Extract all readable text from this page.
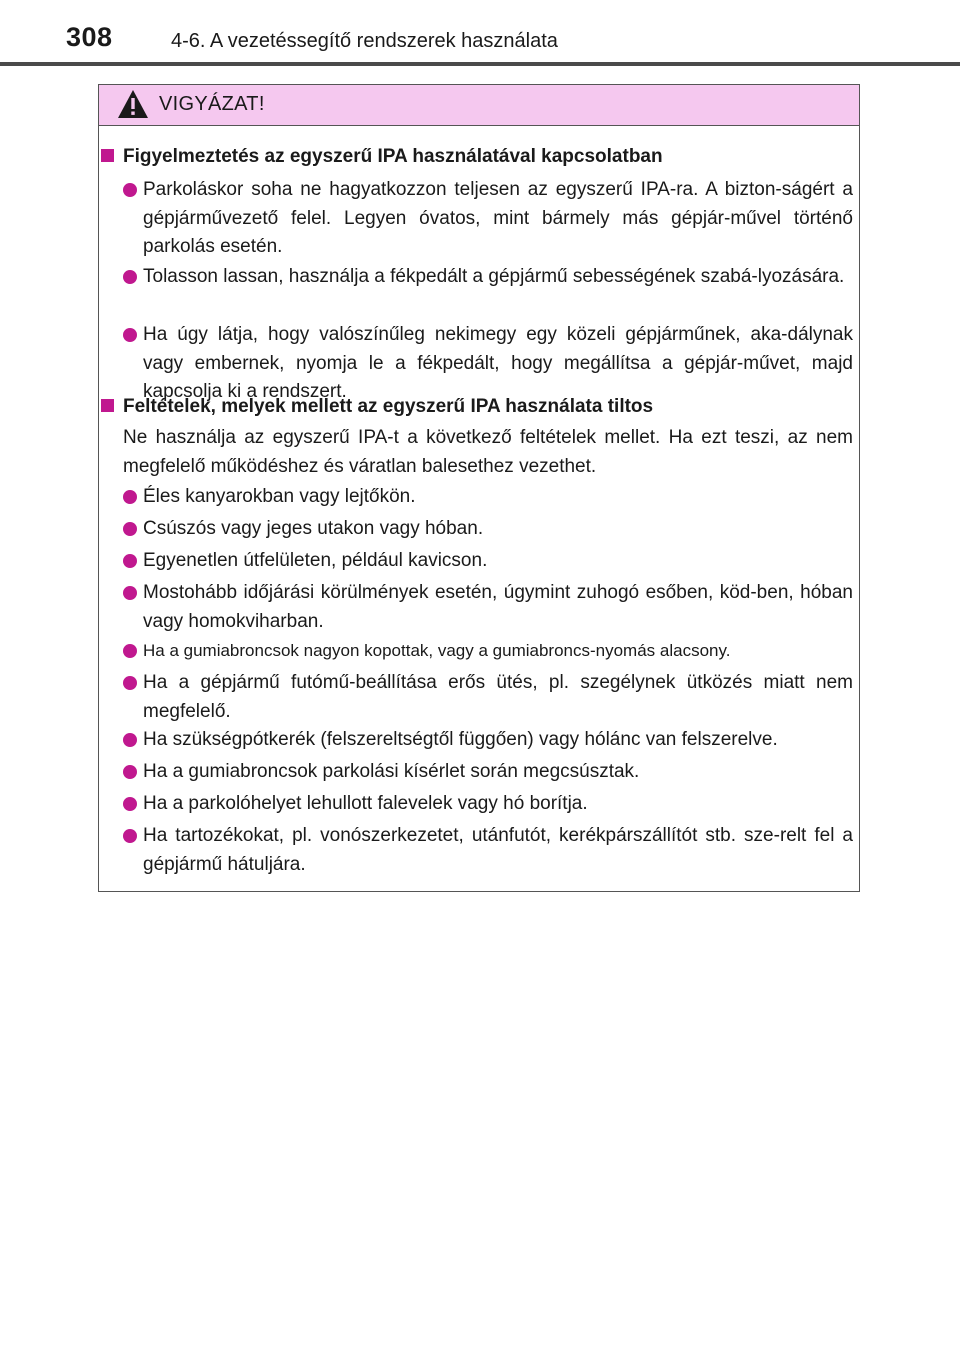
308	4-6. A vezetéssegítő rendszerek használata
VIGYÁZAT!
Figyelmeztetés az egyszerű IPA használatával kapcsolatban
Parkoláskor soha ne hagyatkozzon teljesen az egyszerű IPA-ra. A bizton-ságért a gépjárművezető felel. Legyen óvatos, mint bármely más gépjár-művel történő parkolás esetén.
Tolasson lassan, használja a fékpedált a gépjármű sebességének szabá-lyozására.
Ha úgy látja, hogy valószínűleg nekimegy egy közeli gépjárműnek, aka-dálynak vagy embernek, nyomja le a fékpedált, hogy megállítsa a gépjár-művet, majd kapcsolja ki a rendszert.
Feltételek, melyek mellett az egyszerű IPA használata tiltos
Ne használja az egyszerű IPA-t a következő feltételek mellet. Ha ezt teszi, az nem megfelelő működéshez és váratlan balesethez vezethet.
Éles kanyarokban vagy lejtőkön.
Csúszós vagy jeges utakon vagy hóban.
Egyenetlen útfelületen, például kavicson.
Mostohább időjárási körülmények esetén, úgymint zuhogó esőben, köd-ben, hóban vagy homokviharban.
Ha a gumiabroncsok nagyon kopottak, vagy a gumiabroncs-nyomás alacsony.
Ha a gépjármű futómű-beállítása erős ütés, pl. szegélynek ütközés miatt nem megfelelő.
Ha szükségpótkerék (felszereltségtől függően) vagy hólánc van felszerelve.
Ha a gumiabroncsok parkolási kísérlet során megcsúsztak.
Ha a parkolóhelyet lehullott falevelek vagy hó borítja.
Ha tartozékokat, pl. vonószerkezetet, utánfutót, kerékpárszállítót stb. sze-relt fel a gépjármű hátuljára.
